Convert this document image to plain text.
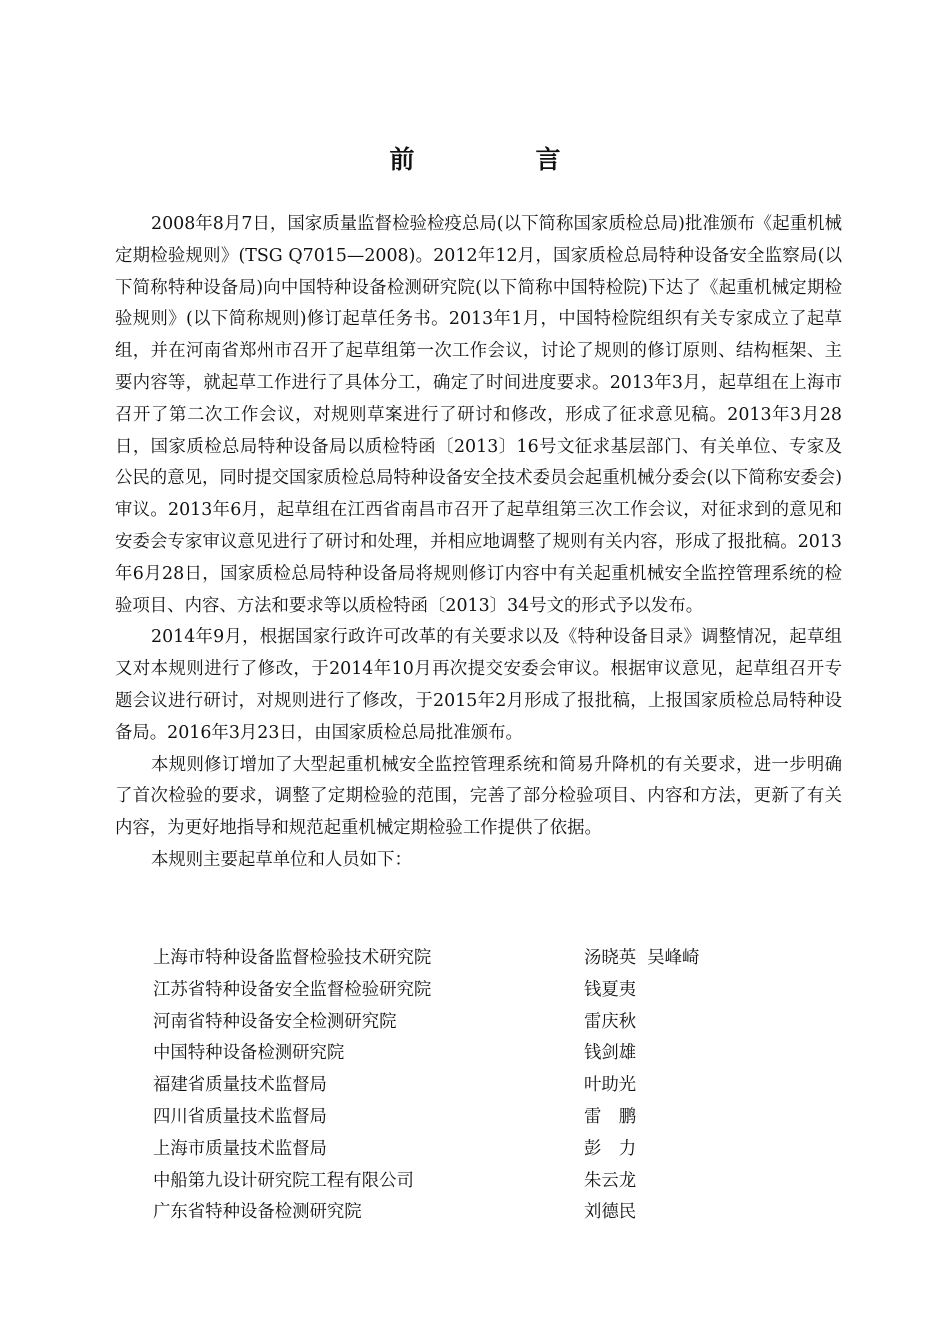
前　言

2008年8月7日，国家质量监督检验检疫总局(以下简称国家质检总局)批准颁布《起重机械定期检验规则》(TSG Q7015—2008)。2012年12月，国家质检总局特种设备安全监察局(以下简称特种设备局)向中国特种设备检测研究院(以下简称中国特检院)下达了《起重机械定期检验规则》(以下简称规则)修订起草任务书。2013年1月，中国特检院组织有关专家成立了起草组，并在河南省郑州市召开了起草组第一次工作会议，讨论了规则的修订原则、结构框架、主要内容等，就起草工作进行了具体分工，确定了时间进度要求。2013年3月，起草组在上海市召开了第二次工作会议，对规则草案进行了研讨和修改，形成了征求意见稿。2013年3月28日，国家质检总局特种设备局以质检特函〔2013〕16号文征求基层部门、有关单位、专家及公民的意见，同时提交国家质检总局特种设备安全技术委员会起重机械分委会(以下简称安委会)审议。2013年6月，起草组在江西省南昌市召开了起草组第三次工作会议，对征求到的意见和安委会专家审议意见进行了研讨和处理，并相应地调整了规则有关内容，形成了报批稿。2013年6月28日，国家质检总局特种设备局将规则修订内容中有关起重机械安全监控管理系统的检验项目、内容、方法和要求等以质检特函〔2013〕34号文的形式予以发布。

2014年9月，根据国家行政许可改革的有关要求以及《特种设备目录》调整情况，起草组又对本规则进行了修改，于2014年10月再次提交安委会审议。根据审议意见，起草组召开专题会议进行研讨，对规则进行了修改，于2015年2月形成了报批稿，上报国家质检总局特种设备局。2016年3月23日，由国家质检总局批准颁布。

本规则修订增加了大型起重机械安全监控管理系统和简易升降机的有关要求，进一步明确了首次检验的要求，调整了定期检验的范围，完善了部分检验项目、内容和方法，更新了有关内容，为更好地指导和规范起重机械定期检验工作提供了依据。

本规则主要起草单位和人员如下：

上海市特种设备监督检验技术研究院	汤晓英  吴峰崎
江苏省特种设备安全监督检验研究院	钱夏夷
河南省特种设备安全检测研究院	雷庆秋
中国特种设备检测研究院	钱剑雄
福建省质量技术监督局	叶助光
四川省质量技术监督局	雷　鹏
上海市质量技术监督局	彭　力
中船第九设计研究院工程有限公司	朱云龙
广东省特种设备检测研究院	刘德民
